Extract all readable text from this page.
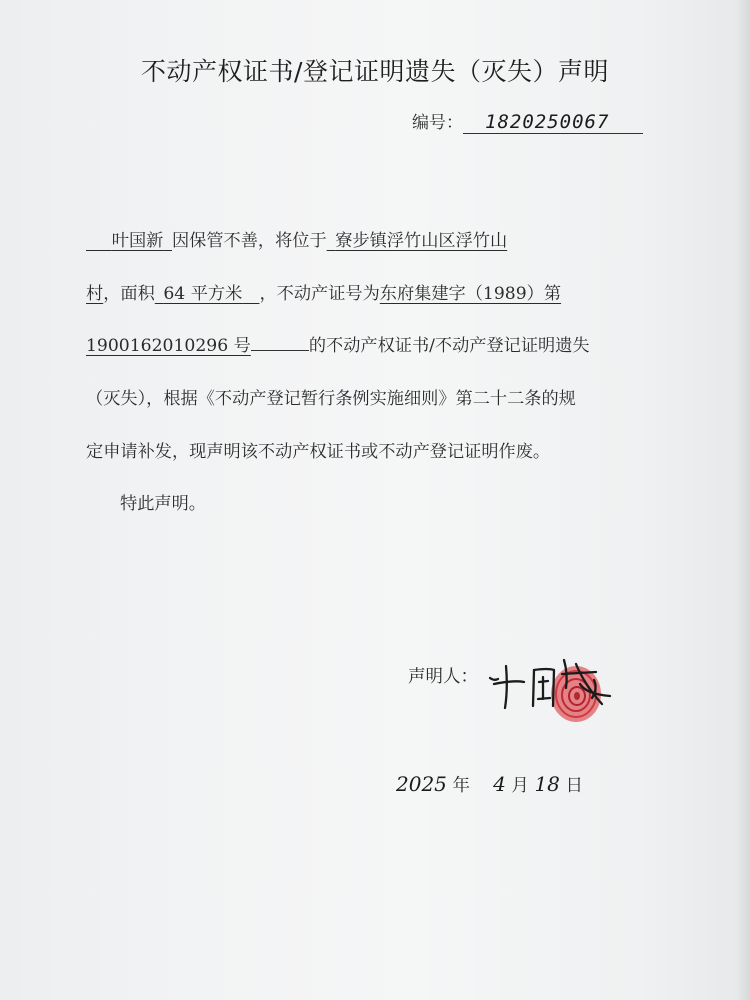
不动产权证书/登记证明遗失（灭失）声明
编号： 1820250067
  叶国新  因保管不善，将位于  寮步镇浮竹山区浮竹山
村，面积  64 平方米  ，不动产证号为东府集建字（1989）第
1900162010296 号	的不动产权证书/不动产登记证明遗失
（灭失），根据《不动产登记暂行条例实施细则》第二十二条的规
定申请补发，现声明该不动产权证书或不动产登记证明作废。
特此声明。
声明人：
2025 年   4 月 18 日
